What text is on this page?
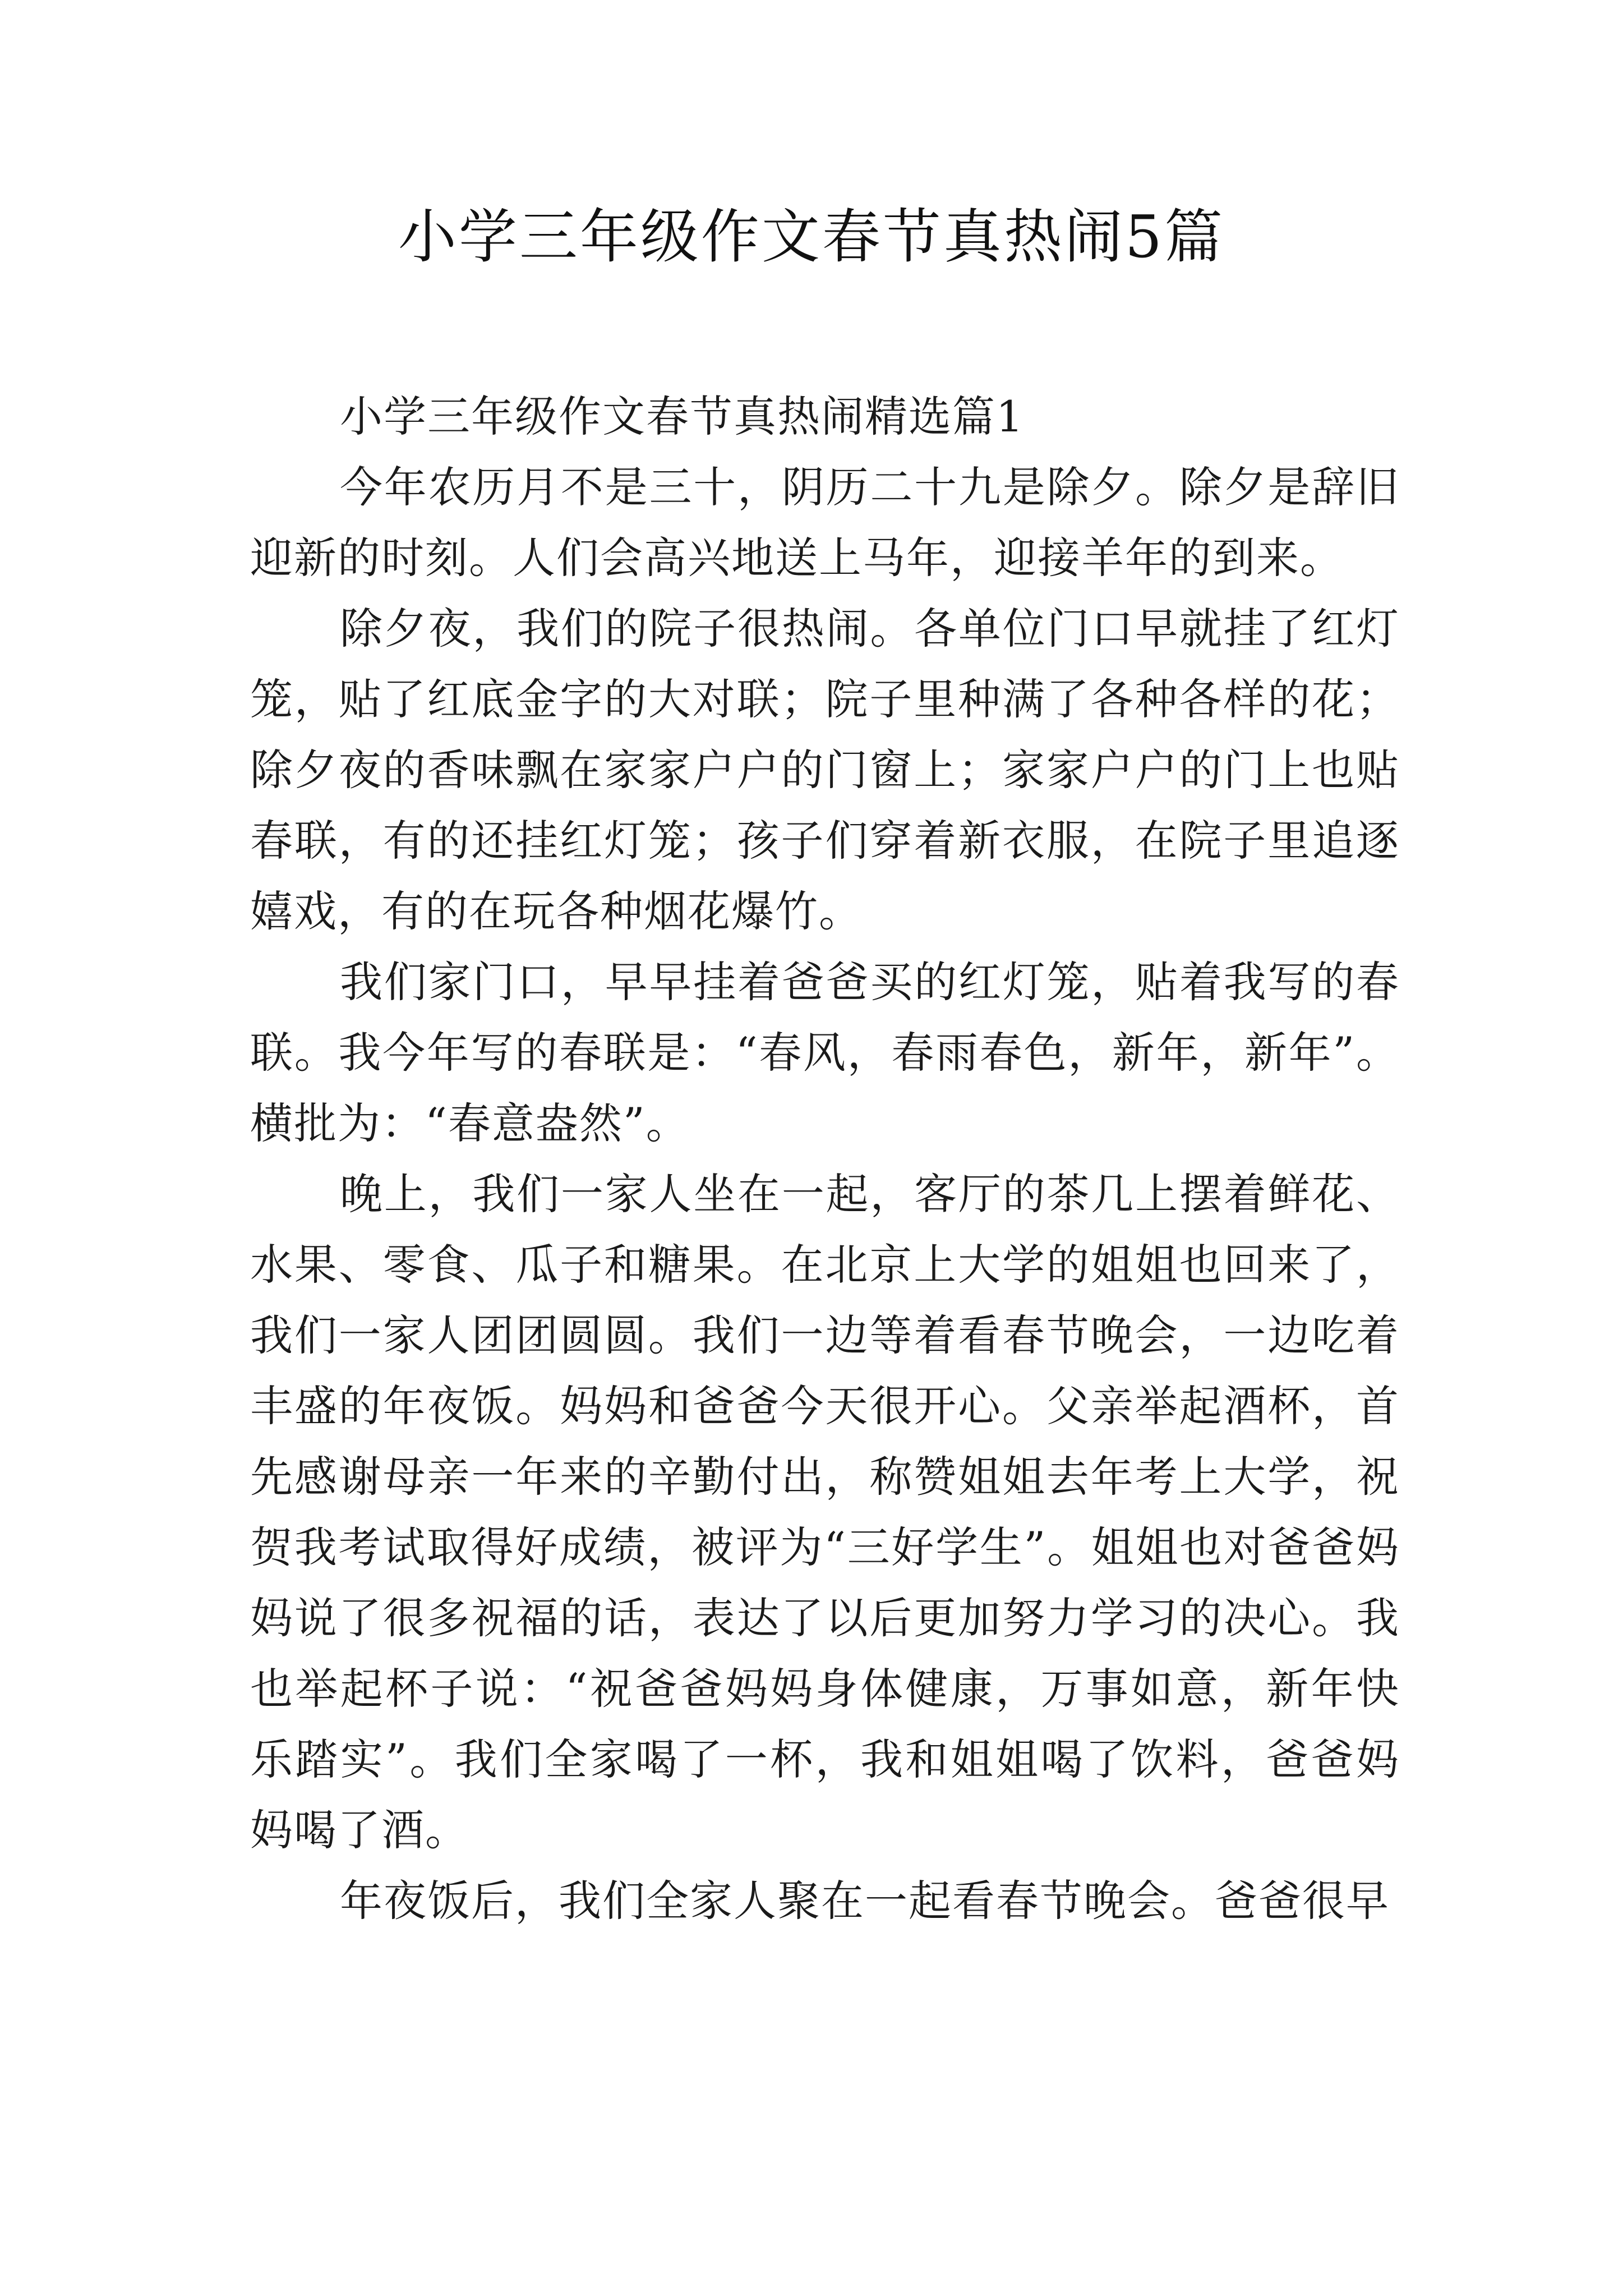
小学三年级作文春节真热闹5篇

小学三年级作文春节真热闹精选篇1

今年农历月不是三十，阴历二十九是除夕。除夕是辞旧迎新的时刻。人们会高兴地送上马年，迎接羊年的到来。

除夕夜，我们的院子很热闹。各单位门口早就挂了红灯笼，贴了红底金字的大对联；院子里种满了各种各样的花；除夕夜的香味飘在家家户户的门窗上；家家户户的门上也贴春联，有的还挂红灯笼；孩子们穿着新衣服，在院子里追逐嬉戏，有的在玩各种烟花爆竹。

我们家门口，早早挂着爸爸买的红灯笼，贴着我写的春联。我今年写的春联是：“春风，春雨春色，新年，新年”。横批为：“春意盎然”。

晚上，我们一家人坐在一起，客厅的茶几上摆着鲜花、水果、零食、瓜子和糖果。在北京上大学的姐姐也回来了，我们一家人团团圆圆。我们一边等着看春节晚会，一边吃着丰盛的年夜饭。妈妈和爸爸今天很开心。父亲举起酒杯，首先感谢母亲一年来的辛勤付出，称赞姐姐去年考上大学，祝贺我考试取得好成绩，被评为“三好学生”。姐姐也对爸爸妈妈说了很多祝福的话，表达了以后更加努力学习的决心。我也举起杯子说：“祝爸爸妈妈身体健康，万事如意，新年快乐踏实”。我们全家喝了一杯，我和姐姐喝了饮料，爸爸妈妈喝了酒。

年夜饭后，我们全家人聚在一起看春节晚会。爸爸很早
